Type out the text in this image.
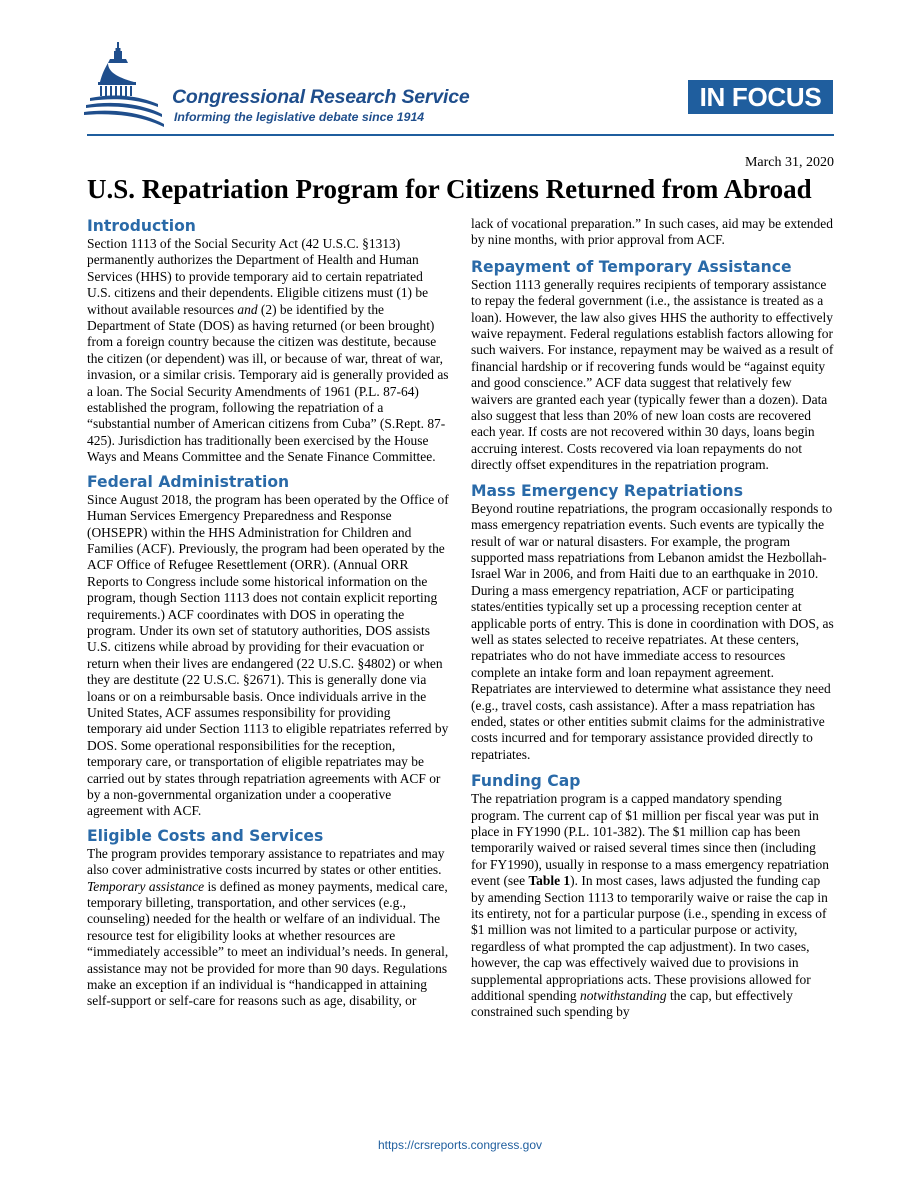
Congressional Research Service
Informing the legislative debate since 1914
IN FOCUS
March 31, 2020
U.S. Repatriation Program for Citizens Returned from Abroad
Introduction

Section 1113 of the Social Security Act (42 U.S.C. §1313) permanently authorizes the Department of Health and Human Services (HHS) to provide temporary aid to certain repatriated U.S. citizens and their dependents. Eligible citizens must (1) be without available resources and (2) be identified by the Department of State (DOS) as having returned (or been brought) from a foreign country because the citizen was destitute, because the citizen (or dependent) was ill, or because of war, threat of war, invasion, or a similar crisis. Temporary aid is generally provided as a loan. The Social Security Amendments of 1961 (P.L. 87-64) established the program, following the repatriation of a “substantial number of American citizens from Cuba” (S.Rept. 87-425). Jurisdiction has traditionally been exercised by the House Ways and Means Committee and the Senate Finance Committee.

Federal Administration

Since August 2018, the program has been operated by the Office of Human Services Emergency Preparedness and Response (OHSEPR) within the HHS Administration for Children and Families (ACF). Previously, the program had been operated by the ACF Office of Refugee Resettlement (ORR). (Annual ORR Reports to Congress include some historical information on the program, though Section 1113 does not contain explicit reporting requirements.) ACF coordinates with DOS in operating the program. Under its own set of statutory authorities, DOS assists U.S. citizens while abroad by providing for their evacuation or return when their lives are endangered (22 U.S.C. §4802) or when they are destitute (22 U.S.C. §2671). This is generally done via loans or on a reimbursable basis. Once individuals arrive in the United States, ACF assumes responsibility for providing temporary aid under Section 1113 to eligible repatriates referred by DOS. Some operational responsibilities for the reception, temporary care, or transportation of eligible repatriates may be carried out by states through repatriation agreements with ACF or by a non-governmental organization under a cooperative agreement with ACF.

Eligible Costs and Services

The program provides temporary assistance to repatriates and may also cover administrative costs incurred by states or other entities. Temporary assistance is defined as money payments, medical care, temporary billeting, transportation, and other services (e.g., counseling) needed for the health or welfare of an individual. The resource test for eligibility looks at whether resources are “immediately accessible” to meet an individual’s needs. In general, assistance may not be provided for more than 90 days. Regulations make an exception if an individual is “handicapped in attaining self-support or self-care for reasons such as age, disability, or

lack of vocational preparation.” In such cases, aid may be extended by nine months, with prior approval from ACF.

Repayment of Temporary Assistance

Section 1113 generally requires recipients of temporary assistance to repay the federal government (i.e., the assistance is treated as a loan). However, the law also gives HHS the authority to effectively waive repayment. Federal regulations establish factors allowing for such waivers. For instance, repayment may be waived as a result of financial hardship or if recovering funds would be “against equity and good conscience.” ACF data suggest that relatively few waivers are granted each year (typically fewer than a dozen). Data also suggest that less than 20% of new loan costs are recovered each year. If costs are not recovered within 30 days, loans begin accruing interest. Costs recovered via loan repayments do not directly offset expenditures in the repatriation program.

Mass Emergency Repatriations

Beyond routine repatriations, the program occasionally responds to mass emergency repatriation events. Such events are typically the result of war or natural disasters. For example, the program supported mass repatriations from Lebanon amidst the Hezbollah-Israel War in 2006, and from Haiti due to an earthquake in 2010. During a mass emergency repatriation, ACF or participating states/entities typically set up a processing reception center at applicable ports of entry. This is done in coordination with DOS, as well as states selected to receive repatriates. At these centers, repatriates who do not have immediate access to resources complete an intake form and loan repayment agreement. Repatriates are interviewed to determine what assistance they need (e.g., travel costs, cash assistance). After a mass repatriation has ended, states or other entities submit claims for the administrative costs incurred and for temporary assistance provided directly to repatriates.

Funding Cap

The repatriation program is a capped mandatory spending program. The current cap of $1 million per fiscal year was put in place in FY1990 (P.L. 101-382). The $1 million cap has been temporarily waived or raised several times since then (including for FY1990), usually in response to a mass emergency repatriation event (see Table 1). In most cases, laws adjusted the funding cap by amending Section 1113 to temporarily waive or raise the cap in its entirety, not for a particular purpose (i.e., spending in excess of $1 million was not limited to a particular purpose or activity, regardless of what prompted the cap adjustment). In two cases, however, the cap was effectively waived due to provisions in supplemental appropriations acts. These provisions allowed for additional spending notwithstanding the cap, but effectively constrained such spending by

https://crsreports.congress.gov
